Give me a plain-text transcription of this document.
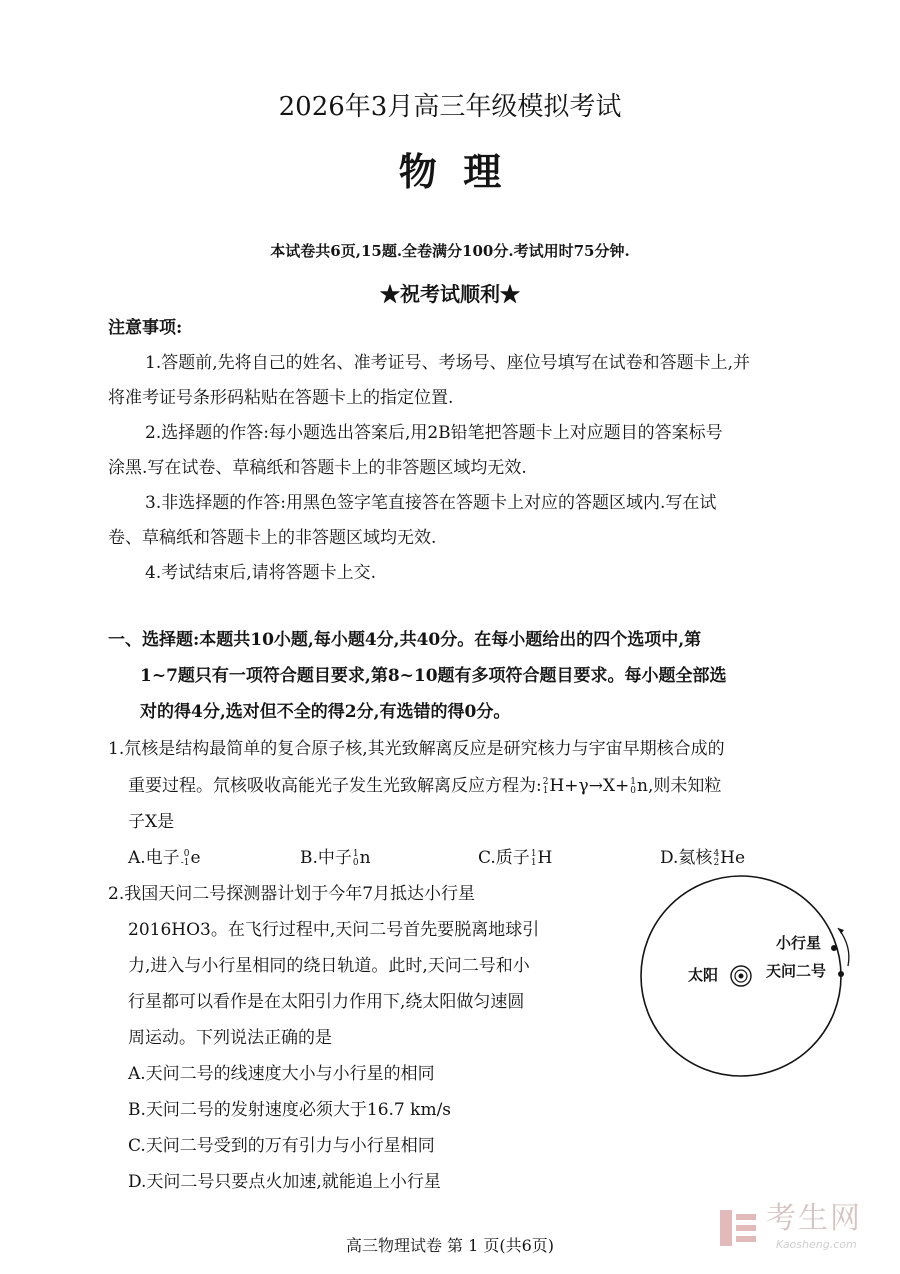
2026年3月高三年级模拟考试
物  理
本试卷共6页,15题.全卷满分100分.考试用时75分钟.
★祝考试顺利★
注意事项:
1.答题前,先将自己的姓名、准考证号、考场号、座位号填写在试卷和答题卡上,并
将准考证号条形码粘贴在答题卡上的指定位置.
2.选择题的作答:每小题选出答案后,用2B铅笔把答题卡上对应题目的答案标号
涂黑.写在试卷、草稿纸和答题卡上的非答题区域均无效.
3.非选择题的作答:用黑色签字笔直接答在答题卡上对应的答题区域内.写在试
卷、草稿纸和答题卡上的非答题区域均无效.
4.考试结束后,请将答题卡上交.
一、选择题:本题共10小题,每小题4分,共40分。在每小题给出的四个选项中,第
1~7题只有一项符合题目要求,第8~10题有多项符合题目要求。每小题全部选
对的得4分,选对但不全的得2分,有选错的得0分。
1.氘核是结构最简单的复合原子核,其光致解离反应是研究核力与宇宙早期核合成的
重要过程。氘核吸收高能光子发生光致解离反应方程为: 2
1 H+γ→X+ 1
0 n,则未知粒
子X是
A.电子 0
-1 e	B.中子 1
0 n	C.质子 1
1 H	D.氦核 4
2 He
2.我国天问二号探测器计划于今年7月抵达小行星
2016HO3。在飞行过程中,天问二号首先要脱离地球引
力,进入与小行星相同的绕日轨道。此时,天问二号和小
行星都可以看作是在太阳引力作用下,绕太阳做匀速圆
周运动。下列说法正确的是
A.天问二号的线速度大小与小行星的相同
B.天问二号的发射速度必须大于16.7 km/s
C.天问二号受到的万有引力与小行星相同
D.天问二号只要点火加速,就能追上小行星
太阳
小行星
天问二号
高三物理试卷 第 1 页(共6页)
考生网
Kaosheng.com
